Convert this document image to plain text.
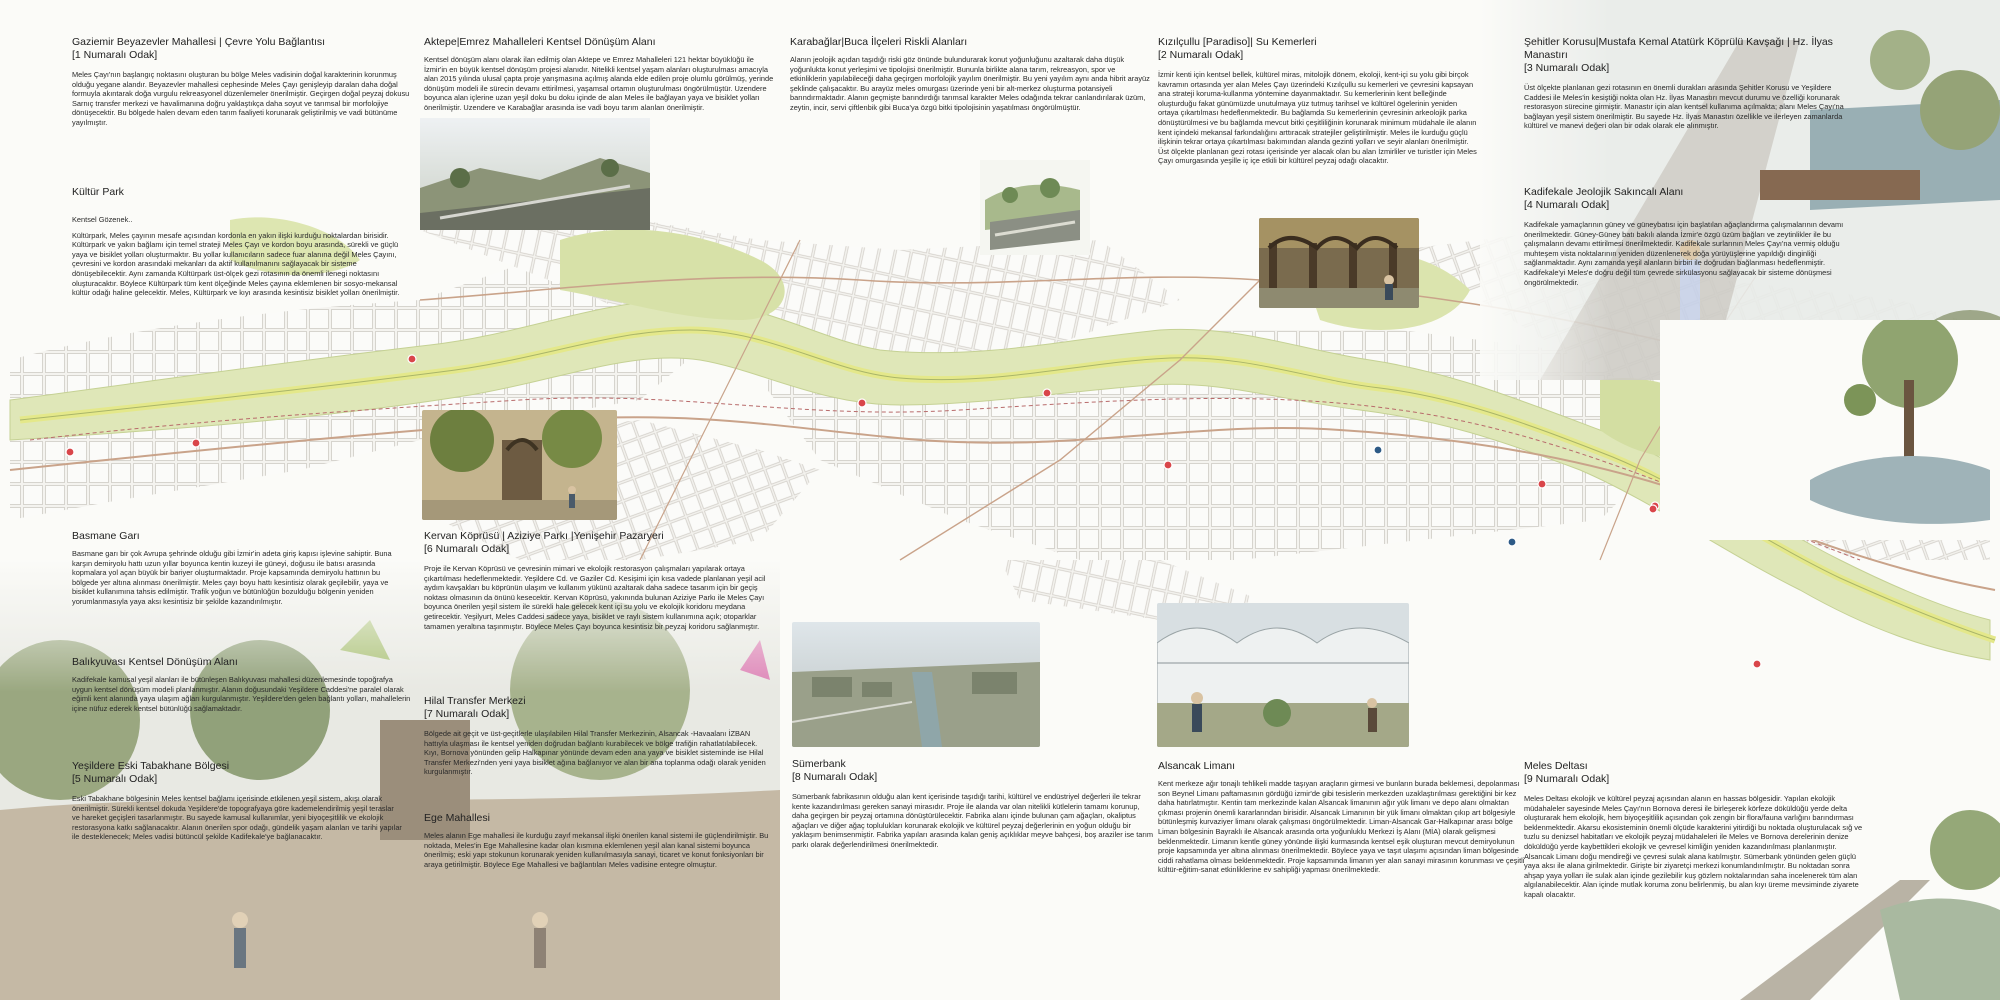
Gaziemir Beyazevler Mahallesi | Çevre Yolu Bağlantısı
[1 Numaralı Odak]

Meles Çayı'nın başlangıç noktasını oluşturan bu bölge Meles vadisinin doğal karakterinin korunmuş olduğu yegane alandır. Beyazevler mahallesi cephesinde Meles Çayı genişleyip daralan daha doğal formuyla akıntarak doğa vurgulu rekreasyonel düzenlemeler önerilmiştir. Geçirgen doğal peyzaj dokusu Sarnıç transfer merkezi ve havalimanına doğru yaklaştıkça daha soyut ve tarımsal bir morfolojiye dönüşecektir. Bu bölgede halen devam eden tarım faaliyeti korunarak geliştirilmiş ve vadi bütünüme yayılmıştır.

Kültür Park

Kentsel Gözenek..

Kültürpark, Meles çayının mesafe açısından kordonla en yakın ilişki kurduğu noktalardan birisidir. Kültürpark ve yakın bağlamı için temel strateji Meles Çayı ve kordon boyu arasında, sürekli ve güçlü yaya ve bisiklet yolları oluşturmaktır. Bu yollar kullanıcıların sadece fuar alanına değil Meles Çayını, çevresini ve kordon arasındaki mekanları da aktif kullanılmanını sağlayacak bir sisteme dönüşebilecektir. Aynı zamanda Kültürpark üst-ölçek gezi rotasının da önemli ilenegi noktasını oluşturacaktır. Böylece Kültürpark tüm kent ölçeğinde Meles çayına eklemlenen bir sosyo-mekansal kültür odağı haline gelecektir. Meles, Kültürpark ve kıyı arasında kesintisiz bisiklet yolları önerilmiştir.

Basmane Garı

Basmane garı bir çok Avrupa şehrinde olduğu gibi İzmir'in adeta giriş kapısı işlevine sahiptir. Buna karşın demiryolu hattı uzun yıllar boyunca kentin kuzeyi ile güneyi, doğusu ile batısı arasında kopmalara yol açan büyük bir bariyer oluşturmaktadır. Proje kapsamında demiryolu hattının bu bölgede yer altına alınması önerilmiştir. Meles çayı boyu hattı kesintisiz olarak geçilebilir, yaya ve bisiklet kullanımına tahsis edilmiştir. Trafik yoğun ve bütünlüğün bozulduğu bölgenin yeniden yorumlanmasıyla yaya aksı kesintisiz bir şekilde kazandırılmıştır.

Balıkyuvası Kentsel Dönüşüm Alanı

Kadifekale kamusal yeşil alanları ile bütünleşen Balıkyuvası mahallesi düzenlemesinde topoğrafya uygun kentsel dönüşüm modeli planlanmıştır. Alanın doğusundaki Yeşildere Caddesi'ne paralel olarak eğimli kent alanında yaya ulaşım ağları kurgulanmıştır. Yeşildere'den gelen bağlantı yolları, mahallelerin içine nüfuz ederek kentsel bütünlüğü sağlamaktadır.

Yeşildere Eski Tabakhane Bölgesi
[5 Numaralı Odak]

Eski Tabakhane bölgesinin Meles kentsel bağlamı içerisinde etkilenen yeşil sistem, akışı olarak önerilmiştir. Sürekli kentsel dokuda Yeşildere'de topografyaya göre kademelendirilmiş yeşil teraslar ve hareket geçişleri tasarlanmıştır. Bu sayede kamusal kullanımlar, yeni biyoçeşitlilik ve ekolojik restorasyona katkı sağlanacaktır. Alanın önerilen spor odağı, gündelik yaşam alanları ve tarihi yapılar ile desteklenecek; Meles vadisi bütüncül şekilde Kadifekale'ye bağlanacaktır.

Aktepe|Emrez Mahalleleri Kentsel Dönüşüm Alanı

Kentsel dönüşüm alanı olarak ilan edilmiş olan Aktepe ve Emrez Mahalleleri 121 hektar büyüklüğü ile İzmir'in en büyük kentsel dönüşüm projesi alanıdır. Nitelikli kentsel yaşam alanları oluşturulması amacıyla alan 2015 yılında ulusal çapta proje yarışmasına açılmış alanda elde edilen proje olumlu görülmüş, yerinde dönüşüm modeli ile sürecin devamı ettirilmesi, yaşamsal ortamın oluşturulması öngörülmüştür. Uzendere boyunca alan içlerine uzan yeşil doku bu doku içinde de alan Meles ile bağlayan yaya ve bisiklet yolları önerilmiştir. Uzendere ve Karabağlar arasında ise vadi boyu tarım alanları önerilmiştir.

Kervan Köprüsü | Aziziye Parkı |Yenişehir Pazaryeri
[6 Numaralı Odak]

Proje ile Kervan Köprüsü ve çevresinin mimari ve ekolojik restorasyon çalışmaları yapılarak ortaya çıkartılması hedeflenmektedir. Yeşildere Cd. ve Gaziler Cd. Kesişimi için kısa vadede planlanan yeşil acil aydım kavşakları bu köprünün ulaşım ve kullanım yükünü azaltarak daha sadece tasarım için bir geçiş noktası olmasının da önünü kesecektir. Kervan Köprüsü, yakınında bulunan Aziziye Parkı ile Meles Çayı boyunca önerilen yeşil sistem ile sürekli hale gelecek kent içi su yolu ve ekolojik koridoru meydana getirecektir. Yeşilyurt, Meles Caddesi sadece yaya, bisiklet ve raylı sistem kullanımına açık; otoparklar tamamen yeraltına taşınmıştır. Böylece Meles Çayı boyunca kesintisiz bir peyzaj koridoru sağlanmıştır.

Hilal Transfer Merkezi
[7 Numaralı Odak]

Bölgede ait geçit ve üst-geçitlerle ulaşılabilen Hilal Transfer Merkezinin, Alsancak -Havaalanı İZBAN hattıyla ulaşması ile kentsel yeniden doğrudan bağlantı kurabilecek ve bölge trafiğin rahatlatılabilecek. Kıyı, Bornova yönünden gelip Halkapınar yönünde devam eden ana yaya ve bisiklet sisteminde ise Hilal Transfer Merkezi'nden yeni yaya bisiklet ağına bağlanıyor ve alan bir ana toplanma odağı olarak yeniden kurgulanmıştır.

Ege Mahallesi

Meles alanın Ege mahallesi ile kurduğu zayıf mekansal ilişki önerilen kanal sistemi ile güçlendirilmiştir. Bu noktada, Meles'in Ege Mahallesine kadar olan kısmına eklemlenen yeşil alan kanal sistemi boyunca önerilmiş; eski yapı stokunun korunarak yeniden kullanılmasıyla sanayi, ticaret ve konut fonksiyonları bir araya getirilmiştir. Böylece Ege Mahallesi ve bağlantıları Meles vadisine entegre olmuştur.

Karabağlar|Buca İlçeleri Riskli Alanları

Alanın jeolojik açıdan taşıdığı riski göz önünde bulundurarak konut yoğunluğunu azaltarak daha düşük yoğunlukta konut yerleşimi ve tipolojisi önerilmiştir. Bununla birlikte alana tarım, rekreasyon, spor ve etkinliklerin yapılabileceği daha geçirgen morfolojik yayılım önerilmiştir. Bu yeni yayılım aynı anda hibrit arayüz şeklinde çalışacaktır. Bu arayüz meles omurgası üzerinde yeni bir alt-merkez oluşturma potansiyeli barındırmaktadır. Alanın geçmişte barındırdığı tarımsal karakter Meles odağında tekrar canlandırılarak üzüm, zeytin, incir, servi çiftlenbik gibi Buca'ya özgü bitki tipolojisinin yaşatılması öngörülmüştür.

Sümerbank
[8 Numaralı Odak]

Sümerbank fabrikasının olduğu alan kent içerisinde taşıdığı tarihi, kültürel ve endüstriyel değerleri ile tekrar kente kazandırılması gereken sanayi mirasıdır. Proje ile alanda var olan nitelikli kütlelerin tamamı korunup, daha geçirgen bir peyzaj ortamına dönüştürülecektir. Fabrika alanı içinde bulunan çam ağaçları, okaliptus ağaçları ve diğer ağaç toplulukları korunarak ekolojik ve kültürel peyzaj değerlerinin en yoğun olduğu bir yaklaşım benimsenmiştir. Fabrika yapıları arasında kalan geniş açıklıklar meyve bahçesi, boş araziler ise tarım parkı olarak değerlendirilmesi önerilmektedir.

Kızılçullu [Paradiso]| Su Kemerleri
[2 Numaralı Odak]

İzmir kenti için kentsel bellek, kültürel miras, mitolojik dönem, ekoloji, kent-içi su yolu gibi birçok kavramın ortasında yer alan Meles Çayı üzerindeki Kızılçullu su kemerleri ve çevresini kapsayan ana strateji koruma-kullanma yöntemine dayanmaktadır. Su kemerlerinin kent belleğinde oluşturduğu fakat günümüzde unutulmaya yüz tutmuş tarihsel ve kültürel ögelerinin yeniden ortaya çıkartılması hedeflenmektedir. Bu bağlamda Su kemerlerinin çevresinin arkeolojik parka dönüştürülmesi ve bu bağlamda mevcut bitki çeşitliliğinin korunarak minimum müdahale ile alanın kent içindeki mekansal farkındalığını arttıracak stratejiler geliştirilmiştir. Meles ile kurduğu güçlü ilişkinin tekrar ortaya çıkartılması bakımından alanda gezinti yolları ve seyir alanları önerilmiştir. Üst ölçekte planlanan gezi rotası içerisinde yer alacak olan bu alan İzmirliler ve turistler için Meles Çayı omurgasında yeşille iç içe etkili bir kültürel peyzaj odağı olacaktır.

Alsancak Limanı

Kent merkeze ağır tonajlı tehlikeli madde taşıyan araçların girmesi ve bunların burada beklemesi, depolanması son Beynel Limanı paftamasının gördüğü izmir'de gibi tesislerin merkezden uzaklaştırılması gerektiğini bir kez daha hatırlatmıştır. Kentin tam merkezinde kalan Alsancak limanının ağır yük limanı ve depo alanı olmaktan çıkması projenin önemli kararlarından birisidir. Alsancak Limanının bir yük limanı olmaktan çıkıp art bölgesiyle bütünleşmiş kurvaziyer limanı olarak çalışması öngörülmektedir. Liman-Alsancak Gar-Halkapınar arası bölge Liman bölgesinin Bayraklı ile Alsancak arasında orta yoğunluklu Merkezi İş Alanı (MİA) olarak gelişmesi beklenmektedir. Limanın kentle güney yönünde ilişki kurmasında kentsel eşik oluşturan mevcut demiryolunun proje kapsamında yer altına alınması önerilmektedir. Böylece yaya ve taşıt ulaşımı açısından liman bölgesinde ciddi rahatlama olması beklenmektedir. Proje kapsamında limanın yer alan sanayi mirasının korunması ve çeşitli kültür-eğitim-sanat etkinliklerine ev sahipliği yapması önerilmektedir.

Şehitler Korusu|Mustafa Kemal Atatürk Köprülü Kavşağı | Hz. İlyas Manastırı
[3 Numaralı Odak]

Üst ölçekte planlanan gezi rotasının en önemli durakları arasında Şehitler Korusu ve Yeşildere Caddesi ile Meles'in kesiştiği nokta olan Hz. İlyas Manastırı mevcut durumu ve özelliği korunarak restorasyon sürecine girmiştir. Manastır için alan kentsel kullanıma açılmakta; alanı Meles Çayı'na bağlayan yeşil sistem önerilmiştir. Bu sayede Hz. İlyas Manastırı özellikle ve ilerleyen zamanlarda kültürel ve manevi değeri olan bir odak olarak ele alınmıştır.

Kadifekale Jeolojik Sakıncalı Alanı
[4 Numaralı Odak]

Kadifekale yamaçlarının güney ve güneybatısı için başlatılan ağaçlandırma çalışmalarının devamı önerilmektedir. Güney-Güney batı bakılı alanda İzmir'e özgü üzüm bağları ve zeytinlikler ile bu çalışmaların devamı ettirilmesi önerilmektedir. Kadifekale surlarının Meles Çayı'na vermiş olduğu muhteşem vista noktalarının yeniden düzenlenerek doğa yürüyüşlerine yapıldığı dinginliği sağlanmaktadır. Aynı zamanda yeşil alanların birbiri ile doğrudan bağlanması hedeflenmiştir. Kadifekale'yi Meles'e doğru değil tüm çevrede sirkülasyonu sağlayacak bir sisteme dönüşmesi öngörülmektedir.

Meles Deltası
[9 Numaralı Odak]

Meles Deltası ekolojik ve kültürel peyzaj açısından alanın en hassas bölgesidir. Yapılan ekolojik müdahaleler sayesinde Meles Çayı'nın Bornova deresi ile birleşerek körfeze döküldüğü yerde delta oluşturarak hem ekolojik, hem biyoçeşitlilik açısından çok zengin bir flora/fauna varlığını barındırması beklenmektedir. Akarsu ekosisteminin önemli ölçüde karakterini yitirdiği bu noktada oluşturulacak sığ ve tuzlu su denizsel habitatları ve ekolojik peyzaj müdahaleleri ile Meles ve Bornova derelerinin denize döküldüğü yerde kaybettikleri ekolojik ve çevresel kimliğin yeniden kazandırılması planlanmıştır. Alsancak Limanı doğu mendireği ve çevresi sulak alana katılmıştır. Sümerbank yönünden gelen güçlü yaya aksı ile alana girilmektedir. Girişte bir ziyaretçi merkezi konumlandırılmıştır. Bu noktadan sonra ahşap yaya yolları ile sulak alan içinde gezilebilir kuş gözlem noktalarından saha incelenerek tüm alan algılanabilecektir. Alan içinde mutlak koruma zonu belirlenmiş, bu alan kıyı üreme mevsiminde ziyarete kapalı olacaktır.
